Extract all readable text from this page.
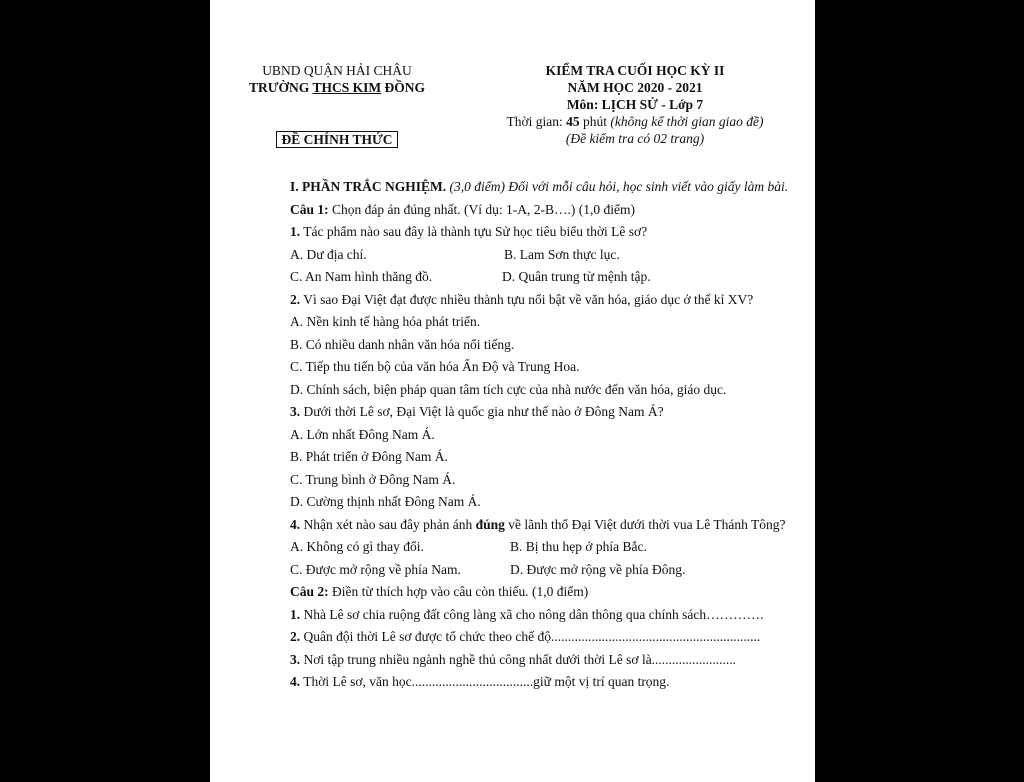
UBND QUẬN HẢI CHÂU
TRƯỜNG THCS KIM ĐỒNG
ĐỀ CHÍNH THỨC
KIỂM TRA CUỐI HỌC KỲ II
NĂM HỌC 2020 - 2021
Môn: LỊCH SỬ - Lớp 7
Thời gian: 45 phút (không kể thời gian giao đề)
(Đề kiểm tra có 02 trang)
I. PHẦN TRẮC NGHIỆM. (3,0 điểm) Đối với mỗi câu hỏi, học sinh viết vào giấy làm bài.
Câu 1: Chọn đáp án đúng nhất. (Ví dụ: 1-A, 2-B….) (1,0 điểm)
1. Tác phẩm nào sau đây là thành tựu Sử học tiêu biểu thời Lê sơ?
A. Dư địa chí.	B. Lam Sơn thực lục.
C. An Nam hình thăng đồ.	D. Quân trung từ mệnh tập.
2. Vì sao Đại Việt đạt được nhiều thành tựu nổi bật về văn hóa, giáo dục ở thế kỉ XV?
A. Nền kinh tế hàng hóa phát triển.
B. Có nhiều danh nhân văn hóa nổi tiếng.
C. Tiếp thu tiến bộ của văn hóa Ấn Độ và Trung Hoa.
D. Chính sách, biện pháp quan tâm tích cực của nhà nước đến văn hóa, giáo dục.
3. Dưới thời Lê sơ, Đại Việt là quốc gia như thế nào ở Đông Nam Á?
A. Lớn nhất Đông Nam Á.
B. Phát triển ở Đông Nam Á.
C. Trung bình ở Đông Nam Á.
D. Cường thịnh nhất Đông Nam Á.
4. Nhận xét nào sau đây phản ánh đúng về lãnh thổ Đại Việt dưới thời vua Lê Thánh Tông?
A. Không có gì thay đổi.	B. Bị thu hẹp ở phía Bắc.
C. Được mở rộng về phía Nam.	D. Được mở rộng về phía Đông.
Câu 2: Điền từ thích hợp vào câu còn thiếu. (1,0 điểm)
1. Nhà Lê sơ chia ruộng đất công làng xã cho nông dân thông qua chính sách………….
2. Quân đội thời Lê sơ được tổ chức theo chế độ..............................................................
3. Nơi tập trung nhiều ngành nghề thủ công nhất dưới thời Lê sơ là.........................
4. Thời Lê sơ, văn học....................................giữ một vị trí quan trọng.
